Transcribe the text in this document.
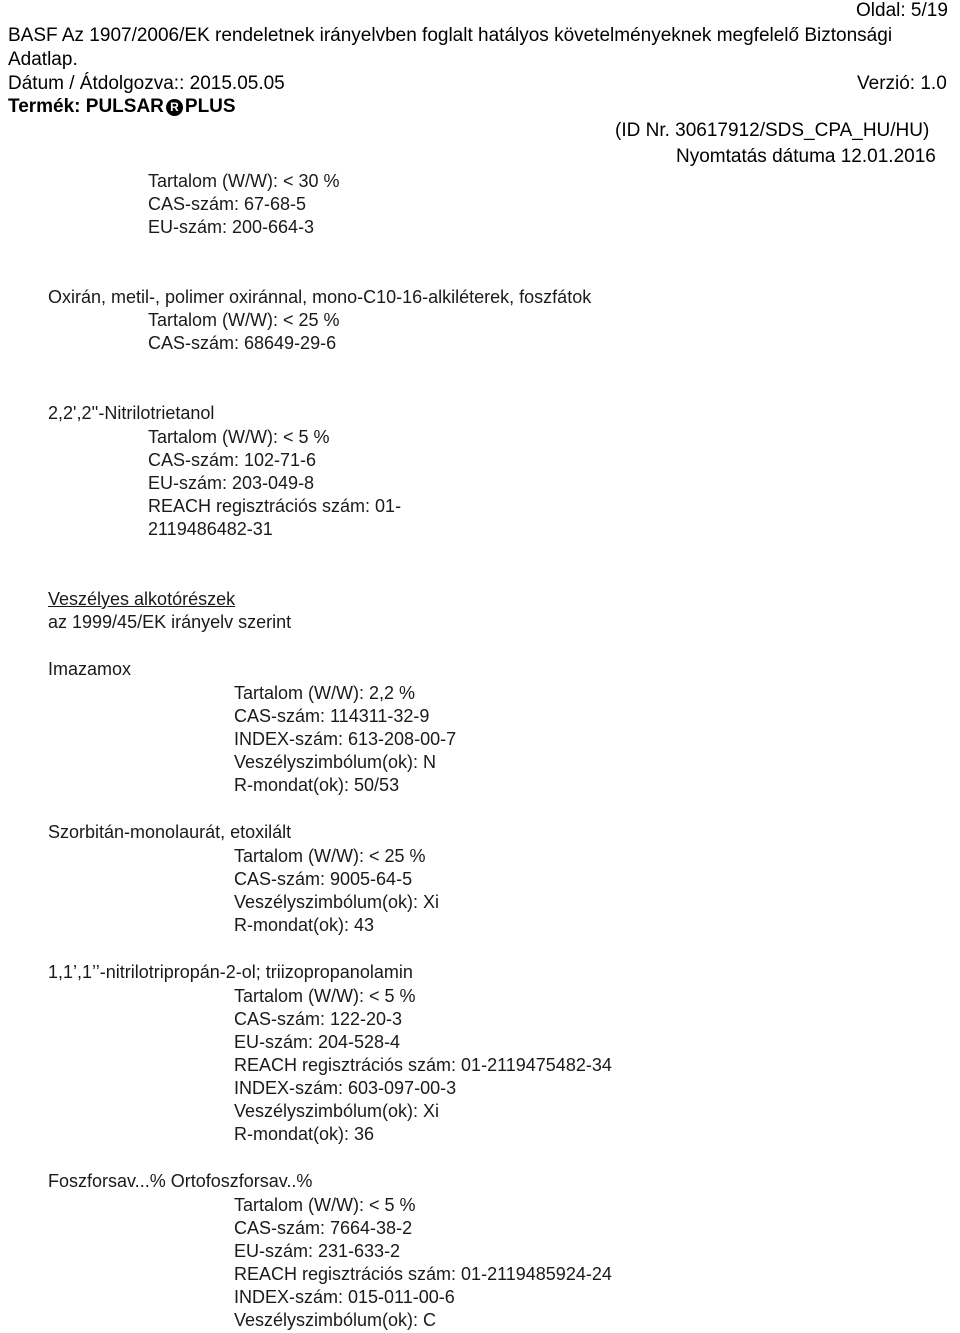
Oldal: 5/19
BASF Az 1907/2006/EK rendeletnek irányelvben foglalt hatályos követelményeknek megfelelő Biztonsági
Adatlap.
Dátum / Átdolgozva:: 2015.05.05	Verzió: 1.0
Termék: PULSAR R PLUS
(ID Nr. 30617912/SDS_CPA_HU/HU)
Nyomtatás dátuma 12.01.2016
Tartalom (W/W): < 30 %
CAS-szám: 67-68-5
EU-szám: 200-664-3
Oxirán, metil-, polimer oxiránnal, mono-C10-16-alkiléterek, foszfátok
Tartalom (W/W): < 25 %
CAS-szám: 68649-29-6
2,2',2''-Nitrilotrietanol
Tartalom (W/W): < 5 %
CAS-szám: 102-71-6
EU-szám: 203-049-8
REACH regisztrációs szám: 01-
2119486482-31
Veszélyes alkotórészek
az 1999/45/EK irányelv szerint
Imazamox
Tartalom (W/W): 2,2 %
CAS-szám: 114311-32-9
INDEX-szám: 613-208-00-7
Veszélyszimbólum(ok): N
R-mondat(ok): 50/53
Szorbitán-monolaurát, etoxilált
Tartalom (W/W): < 25 %
CAS-szám: 9005-64-5
Veszélyszimbólum(ok): Xi
R-mondat(ok): 43
1,1’,1’’-nitrilotripropán-2-ol; triizopropanolamin
Tartalom (W/W): < 5 %
CAS-szám: 122-20-3
EU-szám: 204-528-4
REACH regisztrációs szám: 01-2119475482-34
INDEX-szám: 603-097-00-3
Veszélyszimbólum(ok): Xi
R-mondat(ok): 36
Foszforsav...% Ortofoszforsav..%
Tartalom (W/W): < 5 %
CAS-szám: 7664-38-2
EU-szám: 231-633-2
REACH regisztrációs szám: 01-2119485924-24
INDEX-szám: 015-011-00-6
Veszélyszimbólum(ok): C
